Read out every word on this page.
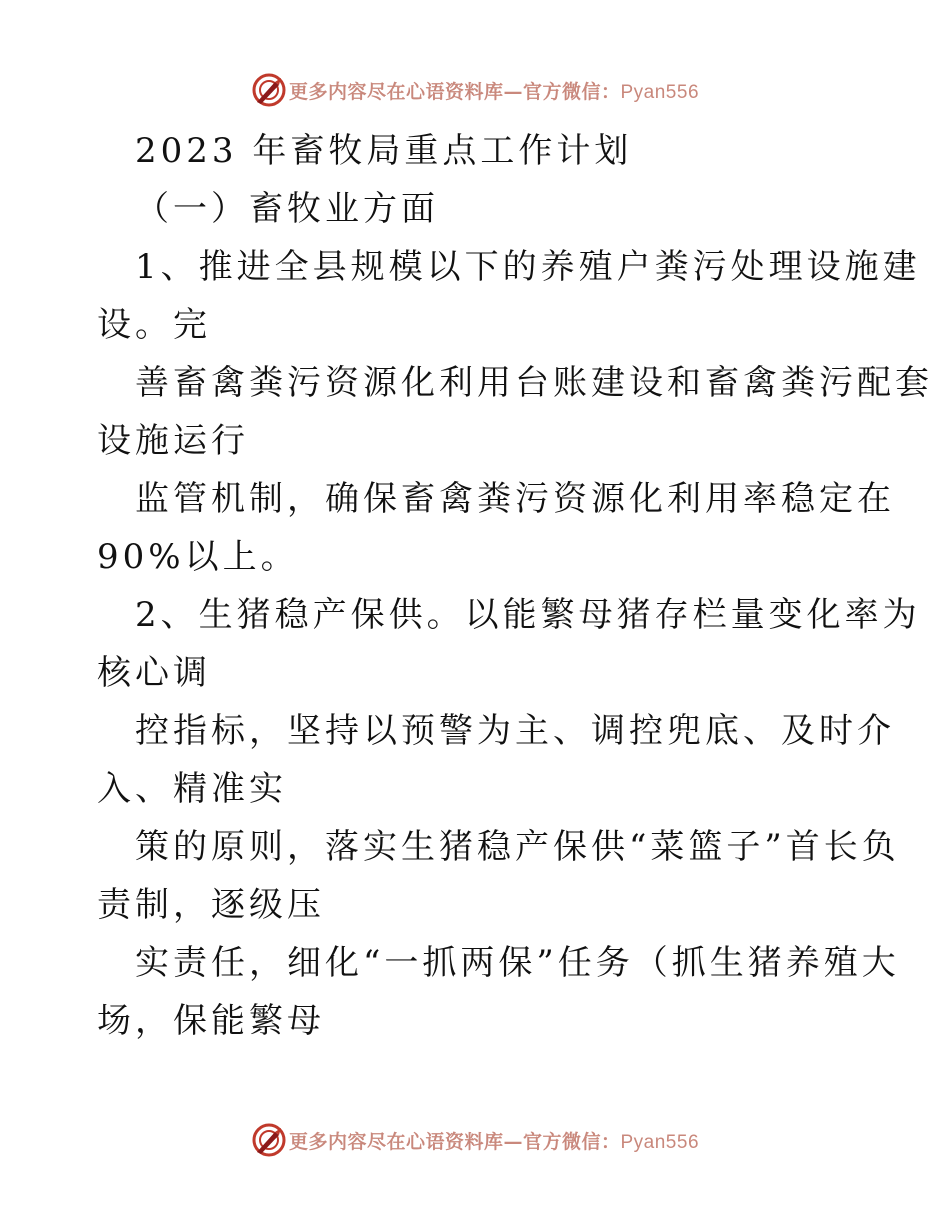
更多内容尽在心语资料库—官方微信：Pyan556
2023 年畜牧局重点工作计划
（一）畜牧业方面
1、推进全县规模以下的养殖户粪污处理设施建
设。完
善畜禽粪污资源化利用台账建设和畜禽粪污配套
设施运行
监管机制，确保畜禽粪污资源化利用率稳定在
90%以上。
2、生猪稳产保供。以能繁母猪存栏量变化率为
核心调
控指标，坚持以预警为主、调控兜底、及时介
入、精准实
策的原则，落实生猪稳产保供“菜篮子”首长负
责制，逐级压
实责任，细化“一抓两保”任务（抓生猪养殖大
场，保能繁母
更多内容尽在心语资料库—官方微信：Pyan556
